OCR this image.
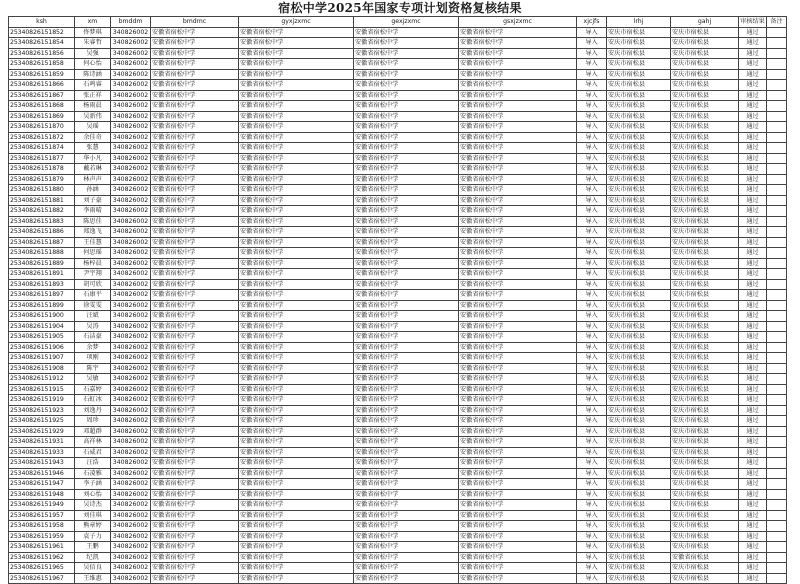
宿松中学2025年国家专项计划资格复核结果
ksh	xm	bmddm	bmdmc	gyxjzxmc	gexjzxmc	gsxjzxmc	xjcjfs	lrhj	gahj	审核结果	备注
25340826151852	佟梦琪	340826002	安徽省宿松中学	安徽省宿松中学	安徽省宿松中学	安徽省宿松中学	导入	安庆市宿松县	安庆市宿松县	通过	
25340826151854	朱睿哲	340826002	安徽省宿松中学	安徽省宿松中学	安徽省宿松中学	安徽省宿松中学	导入	安庆市宿松县	安庆市宿松县	通过	
25340826151856	吴强	340826002	安徽省宿松中学	安徽省宿松中学	安徽省宿松中学	安徽省宿松中学	导入	安庆市宿松县	安庆市宿松县	通过	
25340826151858	何心怡	340826002	安徽省宿松中学	安徽省宿松中学	安徽省宿松中学	安徽省宿松中学	导入	安庆市宿松县	安庆市宿松县	通过	
25340826151859	陈诗涵	340826002	安徽省宿松中学	安徽省宿松中学	安徽省宿松中学	安徽省宿松中学	导入	安庆市宿松县	安庆市宿松县	通过	
25340826151866	石鸣睿	340826002	安徽省宿松中学	安徽省宿松中学	安徽省宿松中学	安徽省宿松中学	导入	安庆市宿松县	安庆市宿松县	通过	
25340826151867	张正祥	340826002	安徽省宿松中学	安徽省宿松中学	安徽省宿松中学	安徽省宿松中学	导入	安庆市宿松县	安庆市宿松县	通过	
25340826151868	杨雨晨	340826002	安徽省宿松中学	安徽省宿松中学	安徽省宿松中学	安徽省宿松中学	导入	安庆市宿松县	安庆市宿松县	通过	
25340826151869	吴新伟	340826002	安徽省宿松中学	安徽省宿松中学	安徽省宿松中学	安徽省宿松中学	导入	安庆市宿松县	安庆市宿松县	通过	
25340826151870	吴瑶	340826002	安徽省宿松中学	安徽省宿松中学	安徽省宿松中学	安徽省宿松中学	导入	安庆市宿松县	安庆市宿松县	通过	
25340826151872	余佳奇	340826002	安徽省宿松中学	安徽省宿松中学	安徽省宿松中学	安徽省宿松中学	导入	安庆市宿松县	安庆市宿松县	通过	
25340826151874	张慧	340826002	安徽省宿松中学	安徽省宿松中学	安徽省宿松中学	安徽省宿松中学	导入	安庆市宿松县	安庆市宿松县	通过	
25340826151877	华小凡	340826002	安徽省宿松中学	安徽省宿松中学	安徽省宿松中学	安徽省宿松中学	导入	安庆市宿松县	安庆市宿松县	通过	
25340826151878	戴若琳	340826002	安徽省宿松中学	安徽省宿松中学	安徽省宿松中学	安徽省宿松中学	导入	安庆市宿松县	安庆市宿松县	通过	
25340826151879	林声声	340826002	安徽省宿松中学	安徽省宿松中学	安徽省宿松中学	安徽省宿松中学	导入	安庆市宿松县	安庆市宿松县	通过	
25340826151880	孙涵	340826002	安徽省宿松中学	安徽省宿松中学	安徽省宿松中学	安徽省宿松中学	导入	安庆市宿松县	安庆市宿松县	通过	
25340826151881	刘子豪	340826002	安徽省宿松中学	安徽省宿松中学	安徽省宿松中学	安徽省宿松中学	导入	安庆市宿松县	安庆市宿松县	通过	
25340826151882	李雨晴	340826002	安徽省宿松中学	安徽省宿松中学	安徽省宿松中学	安徽省宿松中学	导入	安庆市宿松县	安庆市宿松县	通过	
25340826151883	陈思佳	340826002	安徽省宿松中学	安徽省宿松中学	安徽省宿松中学	安徽省宿松中学	导入	安庆市宿松县	安庆市宿松县	通过	
25340826151886	郑逸飞	340826002	安徽省宿松中学	安徽省宿松中学	安徽省宿松中学	安徽省宿松中学	导入	安庆市宿松县	安庆市宿松县	通过	
25340826151887	王佳慧	340826002	安徽省宿松中学	安徽省宿松中学	安徽省宿松中学	安徽省宿松中学	导入	安庆市宿松县	安庆市宿松县	通过	
25340826151888	何思瑶	340826002	安徽省宿松中学	安徽省宿松中学	安徽省宿松中学	安徽省宿松中学	导入	安庆市宿松县	安庆市宿松县	通过	
25340826151889	杨梓晨	340826002	安徽省宿松中学	安徽省宿松中学	安徽省宿松中学	安徽省宿松中学	导入	安庆市宿松县	安庆市宿松县	通过	
25340826151891	尹宇翔	340826002	安徽省宿松中学	安徽省宿松中学	安徽省宿松中学	安徽省宿松中学	导入	安庆市宿松县	安庆市宿松县	通过	
25340826151893	胡可欣	340826002	安徽省宿松中学	安徽省宿松中学	安徽省宿松中学	安徽省宿松中学	导入	安庆市宿松县	安庆市宿松县	通过	
25340826151897	石康平	340826002	安徽省宿松中学	安徽省宿松中学	安徽省宿松中学	安徽省宿松中学	导入	安庆市宿松县	安庆市宿松县	通过	
25340826151899	徐雯雯	340826002	安徽省宿松中学	安徽省宿松中学	安徽省宿松中学	安徽省宿松中学	导入	安庆市宿松县	安庆市宿松县	通过	
25340826151900	汪斌	340826002	安徽省宿松中学	安徽省宿松中学	安徽省宿松中学	安徽省宿松中学	导入	安庆市宿松县	安庆市宿松县	通过	
25340826151904	吴涛	340826002	安徽省宿松中学	安徽省宿松中学	安徽省宿松中学	安徽省宿松中学	导入	安庆市宿松县	安庆市宿松县	通过	
25340826151905	石洁豪	340826002	安徽省宿松中学	安徽省宿松中学	安徽省宿松中学	安徽省宿松中学	导入	安庆市宿松县	安庆市宿松县	通过	
25340826151906	余梦	340826002	安徽省宿松中学	安徽省宿松中学	安徽省宿松中学	安徽省宿松中学	导入	安庆市宿松县	安庆市宿松县	通过	
25340826151907	项刚	340826002	安徽省宿松中学	安徽省宿松中学	安徽省宿松中学	安徽省宿松中学	导入	安庆市宿松县	安庆市宿松县	通过	
25340826151908	陈宇	340826002	安徽省宿松中学	安徽省宿松中学	安徽省宿松中学	安徽省宿松中学	导入	安庆市宿松县	安庆市宿松县	通过	
25340826151912	吴敏	340826002	安徽省宿松中学	安徽省宿松中学	安徽省宿松中学	安徽省宿松中学	导入	安庆市宿松县	安庆市宿松县	通过	
25340826151915	石嘉婷	340826002	安徽省宿松中学	安徽省宿松中学	安徽省宿松中学	安徽省宿松中学	导入	安庆市宿松县	安庆市宿松县	通过	
25340826151919	石虹冰	340826002	安徽省宿松中学	安徽省宿松中学	安徽省宿松中学	安徽省宿松中学	导入	安庆市宿松县	安庆市宿松县	通过	
25340826151923	刘逸丹	340826002	安徽省宿松中学	安徽省宿松中学	安徽省宿松中学	安徽省宿松中学	导入	安庆市宿松县	安庆市宿松县	通过	
25340826151925	周珍	340826002	安徽省宿松中学	安徽省宿松中学	安徽省宿松中学	安徽省宿松中学	导入	安庆市宿松县	安庆市宿松县	通过	
25340826151929	邓超群	340826002	安徽省宿松中学	安徽省宿松中学	安徽省宿松中学	安徽省宿松中学	导入	安庆市宿松县	安庆市宿松县	通过	
25340826151931	高祥林	340826002	安徽省宿松中学	安徽省宿松中学	安徽省宿松中学	安徽省宿松中学	导入	安庆市宿松县	安庆市宿松县	通过	
25340826151933	石威君	340826002	安徽省宿松中学	安徽省宿松中学	安徽省宿松中学	安徽省宿松中学	导入	安庆市宿松县	安庆市宿松县	通过	
25340826151943	汪浩	340826002	安徽省宿松中学	安徽省宿松中学	安徽省宿松中学	安徽省宿松中学	导入	安庆市宿松县	安庆市宿松县	通过	
25340826151946	石凌雅	340826002	安徽省宿松中学	安徽省宿松中学	安徽省宿松中学	安徽省宿松中学	导入	安庆市宿松县	安庆市宿松县	通过	
25340826151947	李子涵	340826002	安徽省宿松中学	安徽省宿松中学	安徽省宿松中学	安徽省宿松中学	导入	安庆市宿松县	安庆市宿松县	通过	
25340826151948	刘心怡	340826002	安徽省宿松中学	安徽省宿松中学	安徽省宿松中学	安徽省宿松中学	导入	安庆市宿松县	安庆市宿松县	通过	
25340826151949	吴诗杰	340826002	安徽省宿松中学	安徽省宿松中学	安徽省宿松中学	安徽省宿松中学	导入	安庆市宿松县	安庆市宿松县	通过	
25340826151957	刘佳琪	340826002	安徽省宿松中学	安徽省宿松中学	安徽省宿松中学	安徽省宿松中学	导入	安庆市宿松县	安庆市宿松县	通过	
25340826151958	熊章婷	340826002	安徽省宿松中学	安徽省宿松中学	安徽省宿松中学	安徽省宿松中学	导入	安庆市宿松县	安庆市宿松县	通过	
25340826151959	袁子力	340826002	安徽省宿松中学	安徽省宿松中学	安徽省宿松中学	安徽省宿松中学	导入	安庆市宿松县	安庆市宿松县	通过	
25340826151961	王鹏	340826002	安徽省宿松中学	安徽省宿松中学	安徽省宿松中学	安徽省宿松中学	导入	安庆市宿松县	安庆市宿松县	通过	
25340826151962	纪凯	340826002	安徽省宿松中学	安徽省宿松中学	安徽省宿松中学	安徽省宿松中学	导入	安庆市宿松县	安徽省宿松县	通过	
25340826151965	吴佰良	340826002	安徽省宿松中学	安徽省宿松中学	安徽省宿松中学	安徽省宿松中学	导入	安庆市宿松县	安庆市宿松县	通过	
25340826151967	王维惠	340826002	安徽省宿松中学	安徽省宿松中学	安徽省宿松中学	安徽省宿松中学	导入	安庆市宿松县	安庆市宿松县	通过	
